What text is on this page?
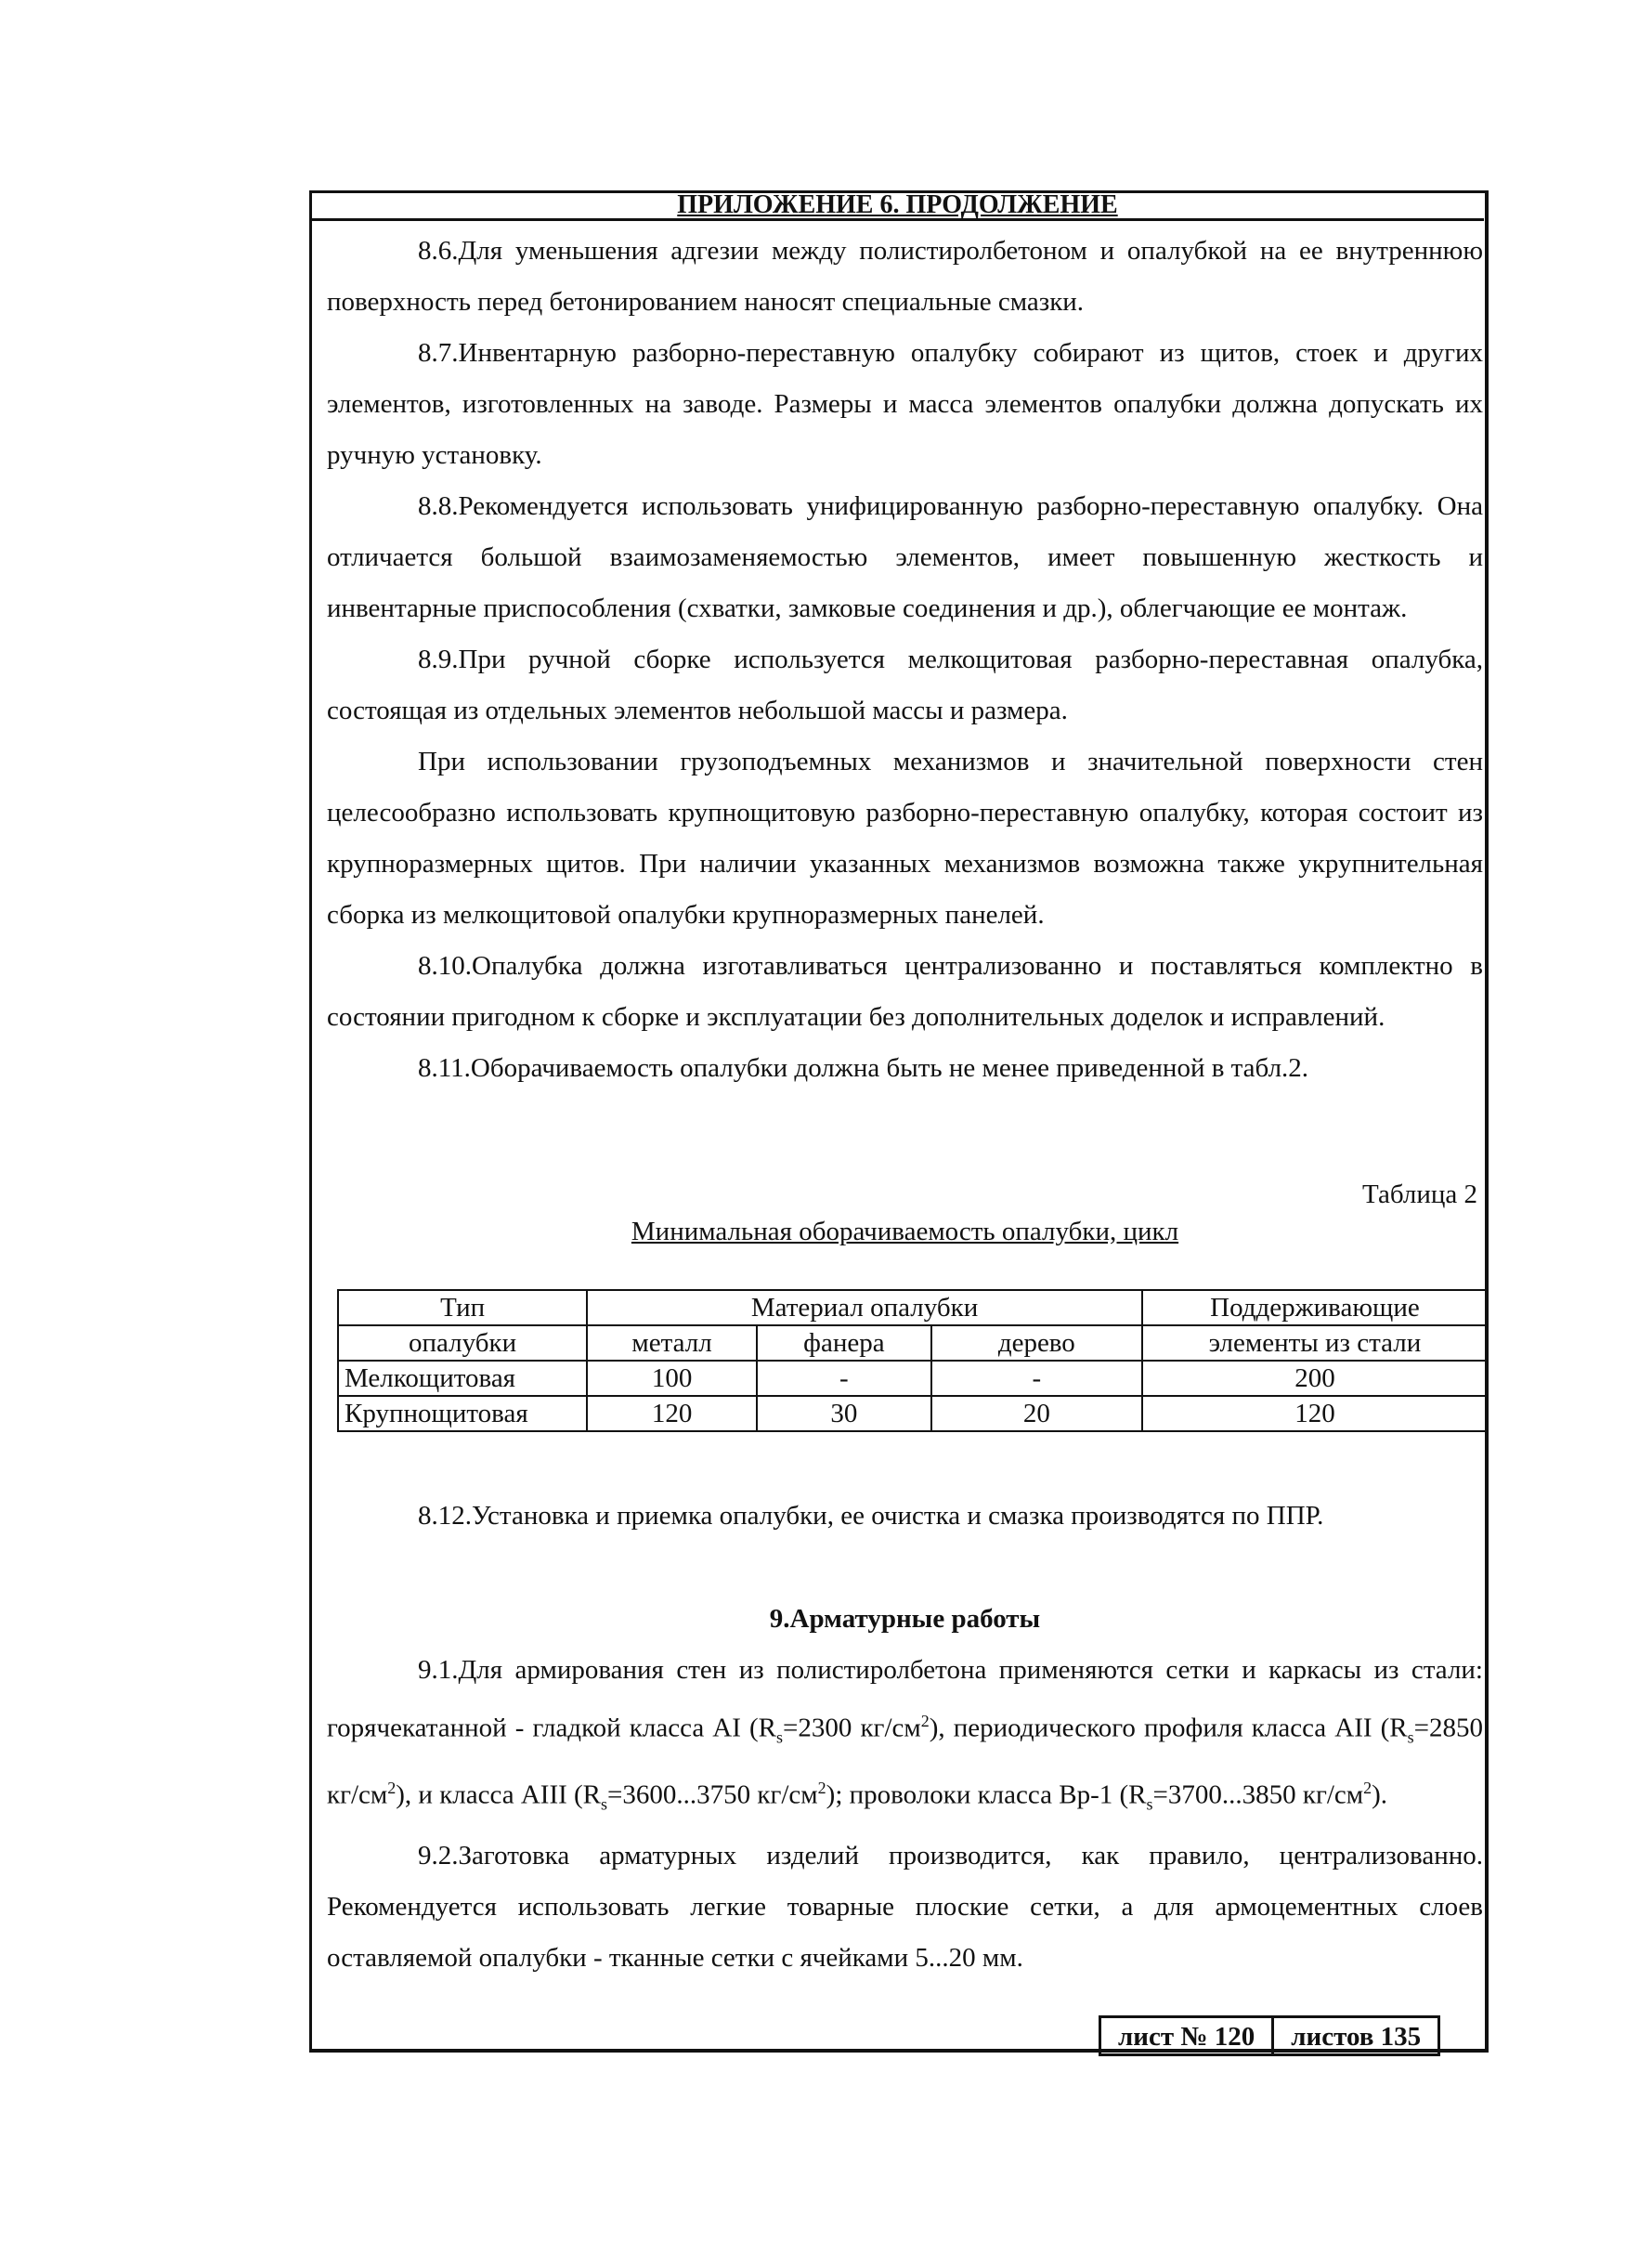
ПРИЛОЖЕНИЕ 6. ПРОДОЛЖЕНИЕ

8.6.Для уменьшения адгезии между полистиролбетоном и опалубкой на ее внутреннюю поверхность перед бетонированием наносят специальные смазки.

8.7.Инвентарную разборно-переставную опалубку собирают из щитов, стоек и других элементов, изготовленных на заводе. Размеры и масса элементов опалубки должна допускать их ручную установку.

8.8.Рекомендуется использовать унифицированную разборно-переставную опалубку. Она отличается большой взаимозаменяемостью элементов, имеет повышенную жесткость и инвентарные приспособления (схватки, замковые соединения и др.), облегчающие ее монтаж.

8.9.При ручной сборке используется мелкощитовая разборно-переставная опалубка, состоящая из отдельных элементов небольшой массы и размера.

При использовании грузоподъемных механизмов и значительной поверхности стен целесообразно использовать крупнощитовую разборно-переставную опалубку, которая состоит из крупноразмерных щитов. При наличии указанных механизмов возможна также укрупнительная сборка из мелкощитовой опалубки крупноразмерных панелей.

8.10.Опалубка должна изготавливаться централизованно и поставляться комплектно в состоянии пригодном к сборке и эксплуатации без дополнительных доделок и исправлений.

8.11.Оборачиваемость опалубки должна быть не менее приведенной в табл.2.

Таблица 2
Минимальная оборачиваемость опалубки, цикл
Тип	Материал опалубки			Поддерживающие
опалубки	металл	фанера	дерево	элементы из стали
Мелкощитовая	100	-	-	200
Крупнощитовая	120	30	20	120

8.12.Установка и приемка опалубки, ее очистка и смазка производятся по ППР.

9.Арматурные работы

9.1.Для армирования стен из полистиролбетона применяются сетки и каркасы из стали: горячекатанной - гладкой класса AI ($R_s=2300$ $кг/см^2$), периодического профиля класса AII ($R_s=2850$ $кг/см^2$), и класса AIII ($R_s=3600...3750$ $кг/см^2$); проволоки класса Bp-1 ($R_s=3700...3850$ $кг/см^2$).

9.2.Заготовка арматурных изделий производится, как правило, централизованно. Рекомендуется использовать легкие товарные плоские сетки, а для армоцементных слоев оставляемой опалубки - тканные сетки с ячейками 5...20 мм.

лист № 120	листов 135
